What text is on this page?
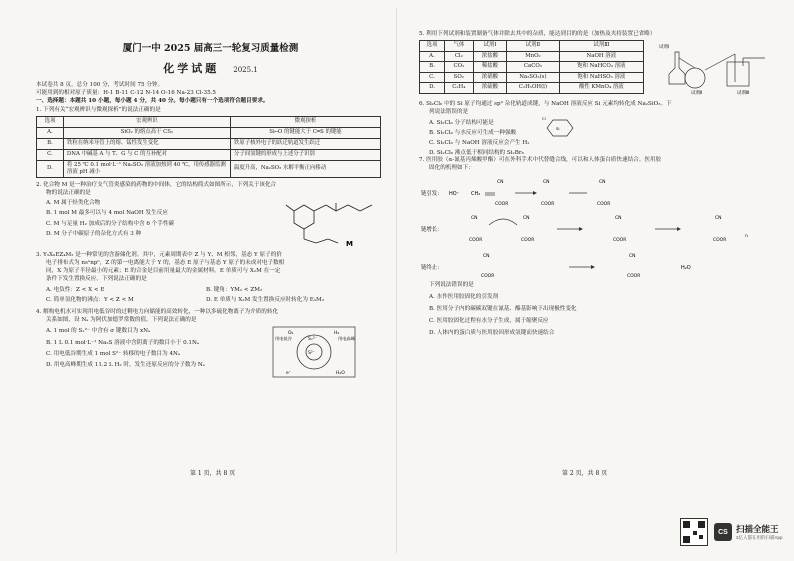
厦门一中 2025 届高三一轮复习质量检测
化学试题 2025.1
本试卷共 8 页，总分 100 分，考试时间 75 分钟。
可能用到的相对原子质量：H-1 B-11 C-12 N-14 O-16 Na-23 Cl-35.5
一、选择题：本题共 10 小题，每小题 4 分，共 40 分。每小题只有一个选项符合题目要求。
1. 下列有关“宏观辨识与微观探析”的说法正确的是
选项	宏观辨识	微观探析
A.	SiO₂ 的熔点高于 CS₂	Si─O 的键能大于 C═S 的键能
B.	铁粒在纳米导管上的熔、锰性发生变化	铁原子核外电子的跃迁轨道发生跃迁
C.	DNA 中碱基 A 与 T、G 与 C 的互补配对	分子间氢键的形成与上述分子识别
D.	将 25 ℃ 0.1 mol·L⁻¹ Na₂SO₃ 溶液加热到 40 ℃，用传感器监测溶液 pH 减小	温度升高，Na₂SO₃ 水解平衡正向移动
2. 化合物 M 是一种治疗支气管炎感染的药物的中间体，它的结构简式如图所示，下列关于该化合
物的说法正确的是
A. M 属于烃类化合物
B. 1 mol M 最多可以与 4 mol NaOH 发生反应
C. M 与足量 H₂ 加成后的分子结构中含 6 个手性碳
D. M 分子中碳原子的杂化方式有 3 种
M
3. Y₃X₆EZ₄M₂ 是一种常见的含游储化剂。其中，元素周期表中 Z 与 Y、M 相邻，基态 Y 原子的价
电子排布式为 nsⁿnpⁿ，Z 的第一电离能大于 Y 的，基态 E 原子与基态 Y 原子的未成对电子数相
同，X 为原子半径最小的元素；E 的合金是目前用量最大的金属材料。E 单质可与 X₂M 在一定
条件下发生置换反应。下列说法正确的是
A. 电负性：Z < X < E	B. 键角：YM₂ < ZM₂
C. 简单氢化物的沸点：Y < Z < M	D. E 单质与 X₂M 发生置换反应时转化为 E₃M₃
4. 解构电机水可实现用电低谷时的过剩电力向储能的高效转化，一种以多硫化物离子为介质的转化
关系如图，设 Nₐ 为阿伏加德罗常数的值。下列说法正确的是
A. 1 mol 的 Sₓ²⁻ 中含有 σ 键数目为 xNₐ
B. 1 L 0.1 mol·L⁻¹ Na₂S 溶液中含阴离子的数目小于 0.1Nₐ
C. 用电低谷期生成 1 mol S²⁻ 转移的电子数目为 4Nₐ
D. 用电高峰期生成 11.2 L H₂ 时，发生还原反应的分子数为 Nₐ
用电低谷	用电高峰
S²⁻
Sₓ²⁻
H₂
O₂
H₂O
e⁻
第 1 页，共 8 页
5. 利用下列试剂和装置制备气体并除去其中的杂质，能达到目的的是（加热及夹持装置已省略）
选项	气体	试剂Ⅰ	试剂Ⅱ	试剂Ⅲ
A.	Cl₂	浓盐酸	MnO₂	NaOH 溶液
B.	CO₂	稀盐酸	CaCO₃	饱和 NaHCO₃ 溶液
C.	SO₂	浓硝酸	Na₂SO₃(s)	饱和 NaHSO₃ 溶液
D.	C₂H₄	浓硫酸	C₂H₅OH(l)	酸性 KMnO₄ 溶液
试剂Ⅰ
试剂Ⅱ	试剂Ⅲ
6. Si₂Cl₆ 中的 Si 原子均通过 sp³ 杂化轨道成键，与 NaOH 溶液反应 Si 元素均转化成 Na₂SiO₃。下
列说法错误的是
A. Si₂Cl₆ 分子结构可能是
B. Si₂Cl₆ 与水反应可生成一种强酸
C. Si₂Cl₆ 与 NaOH 溶液反应会产生 H₂
D. Si₂Cl₆ 沸点低于相同结构的 Si₂Br₆
Cl
Si
7. 医用胶（α-氰基丙烯酸甲酯）可在外科手术中代替缝合线，可以和人体蛋白质快速结合。医用胶
固化的机理如下：
链引发： HO⁻ CH₂
CN
COOR
CN
COOR
CN
COOR
链增长：
CN
COOR
CN
COOR
CN
COOR
CN
COOR
n
链终止：
CN
COOR
CN
COOR
H₂O
下列说法错误的是
A. 水作医用胶固化的引发剂
B. 医用分子内的碳碳双键在氰基、酯基影响下出现极性变化
C. 医用胶固化过程有水分子生成，属于缩聚反应
D. 人体内的蛋白质与医用胶因形成氢键而快速结合
第 2 页，共 8 页
CS 扫描全能王
3亿人都在用的扫描App
